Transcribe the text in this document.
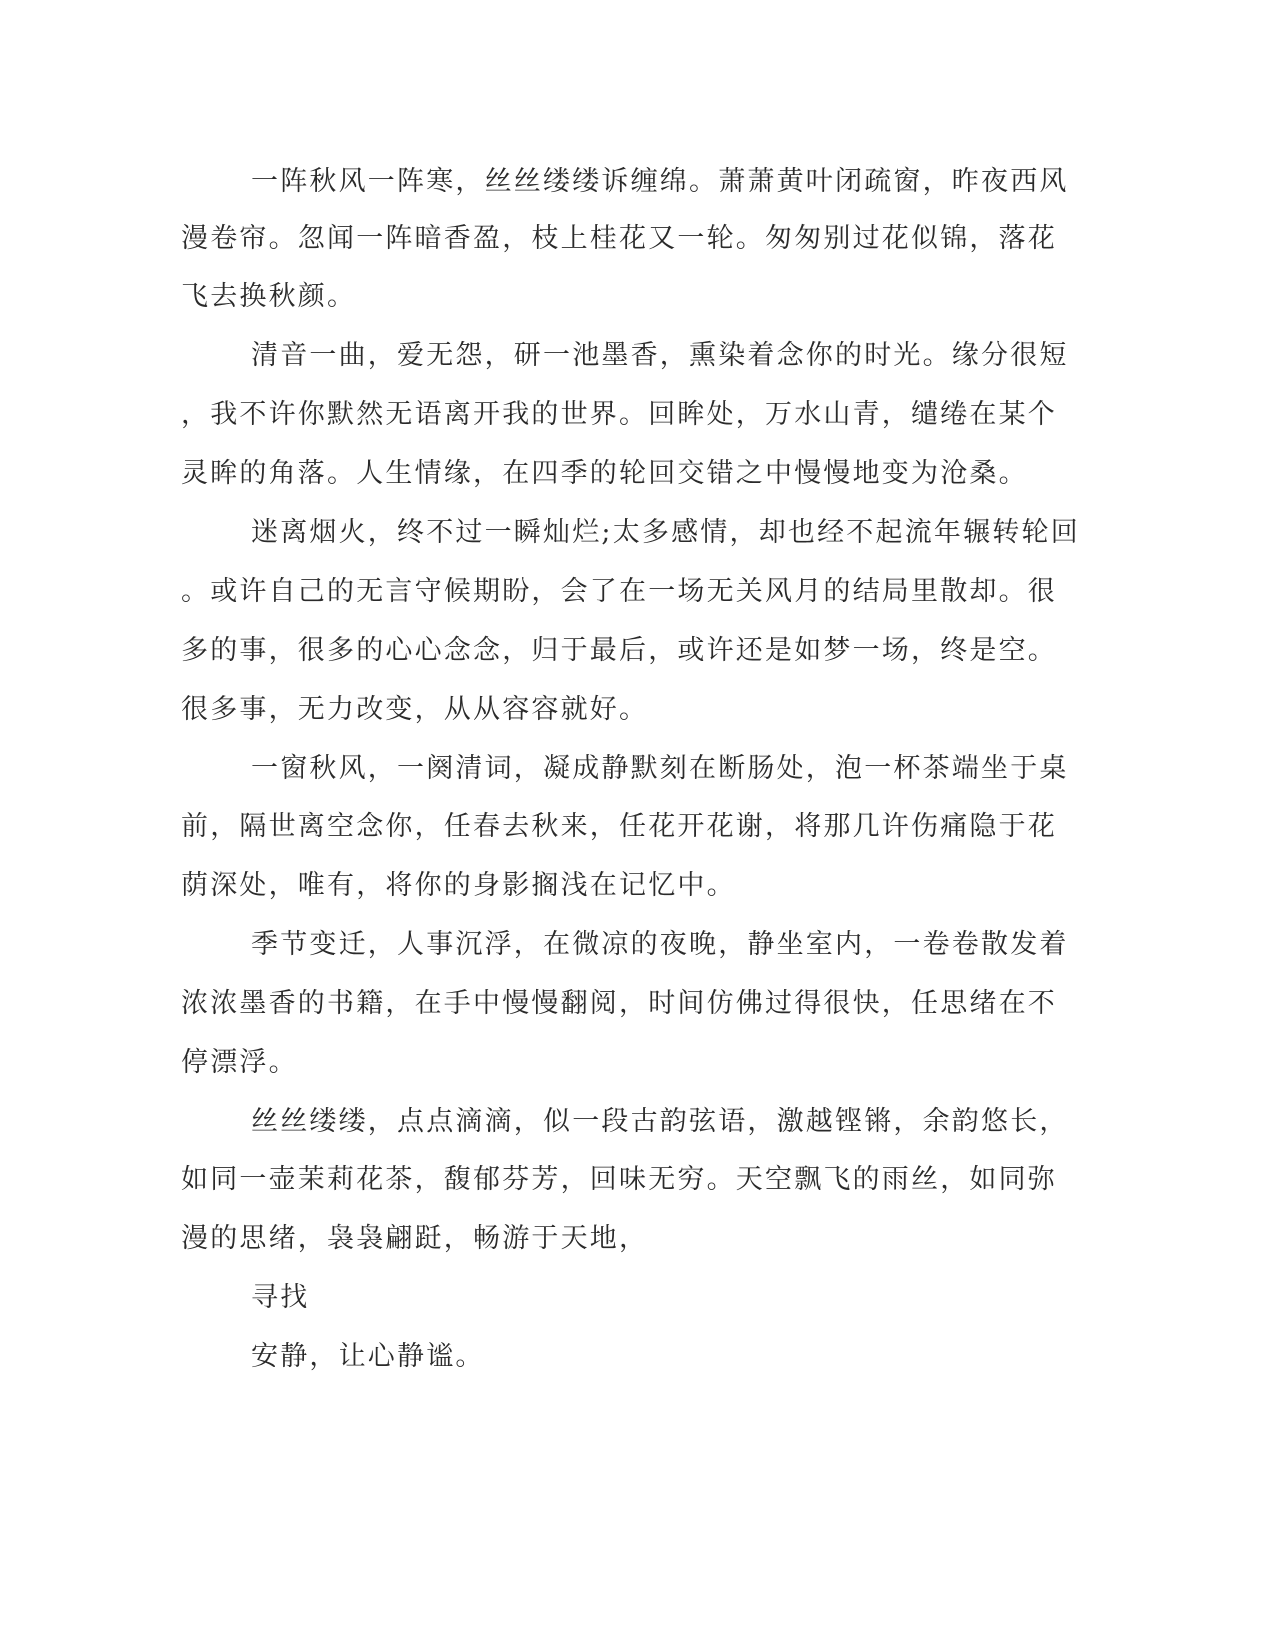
一阵秋风一阵寒，丝丝缕缕诉缠绵。萧萧黄叶闭疏窗，昨夜西风
漫卷帘。忽闻一阵暗香盈，枝上桂花又一轮。匆匆别过花似锦，落花
飞去换秋颜。
清音一曲，爱无怨，研一池墨香，熏染着念你的时光。缘分很短
，我不许你默然无语离开我的世界。回眸处，万水山青，缱绻在某个
灵眸的角落。人生情缘，在四季的轮回交错之中慢慢地变为沧桑。
迷离烟火，终不过一瞬灿烂;太多感情，却也经不起流年辗转轮回
。或许自己的无言守候期盼，会了在一场无关风月的结局里散却。很
多的事，很多的心心念念，归于最后，或许还是如梦一场，终是空。
很多事，无力改变，从从容容就好。
一窗秋风，一阕清词，凝成静默刻在断肠处，泡一杯茶端坐于桌
前，隔世离空念你，任春去秋来，任花开花谢，将那几许伤痛隐于花
荫深处，唯有，将你的身影搁浅在记忆中。
季节变迁，人事沉浮，在微凉的夜晚，静坐室内，一卷卷散发着
浓浓墨香的书籍，在手中慢慢翻阅，时间仿佛过得很快，任思绪在不
停漂浮。
丝丝缕缕，点点滴滴，似一段古韵弦语，激越铿锵，余韵悠长，
如同一壶茉莉花茶，馥郁芬芳，回味无穷。天空飘飞的雨丝，如同弥
漫的思绪，袅袅翩跹，畅游于天地，
寻找
安静，让心静谧。
